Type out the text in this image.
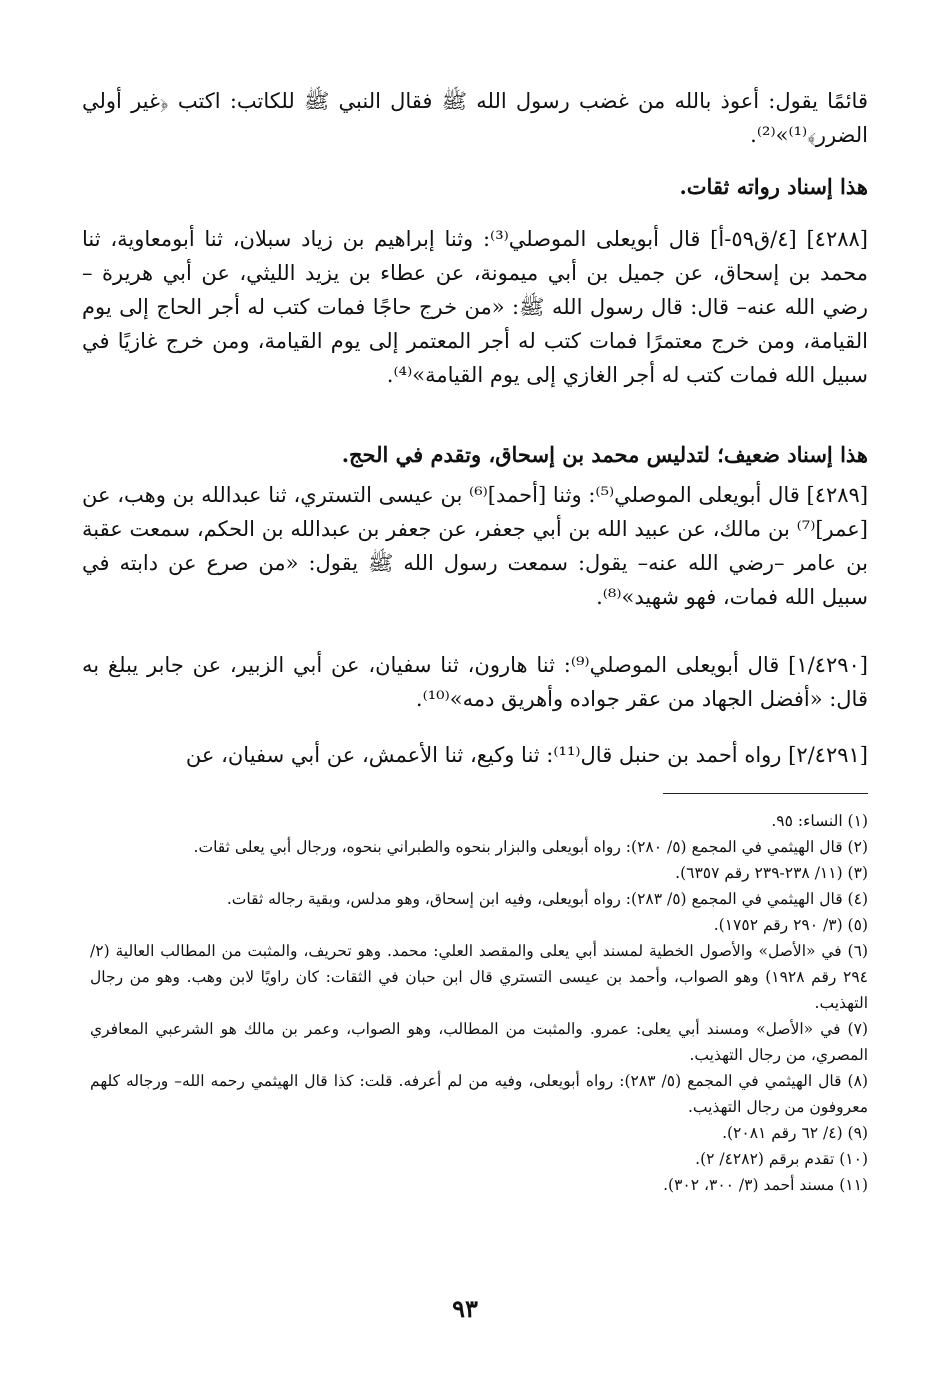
قائمًا يقول: أعوذ بالله من غضب رسول الله ﷺ فقال النبي ﷺ للكاتب: اكتب ﴿غير أولي الضرر﴾⁽¹⁾»⁽²⁾.
هذا إسناد رواته ثقات.
[٤٢٨٨] [٤/ق٥٩-أ] قال أبويعلى الموصلي⁽³⁾: وثنا إبراهيم بن زياد سبلان، ثنا أبومعاوية، ثنا محمد بن إسحاق، عن جميل بن أبي ميمونة، عن عطاء بن يزيد الليثي، عن أبي هريرة – رضي الله عنه– قال: قال رسول الله ﷺ: «من خرج حاجًا فمات كتب له أجر الحاج إلى يوم القيامة، ومن خرج معتمرًا فمات كتب له أجر المعتمر إلى يوم القيامة، ومن خرج غازيًا في سبيل الله فمات كتب له أجر الغازي إلى يوم القيامة»⁽⁴⁾.
هذا إسناد ضعيف؛ لتدليس محمد بن إسحاق، وتقدم في الحج.
[٤٢٨٩] قال أبويعلى الموصلي⁽⁵⁾: وثنا [أحمد]⁽⁶⁾ بن عيسى التستري، ثنا عبدالله بن وهب، عن [عمر]⁽⁷⁾ بن مالك، عن عبيد الله بن أبي جعفر، عن جعفر بن عبدالله بن الحكم، سمعت عقبة بن عامر –رضي الله عنه– يقول: سمعت رسول الله ﷺ يقول: «من صرع عن دابته في سبيل الله فمات، فهو شهيد»⁽⁸⁾.
[١/٤٢٩٠] قال أبويعلى الموصلي⁽⁹⁾: ثنا هارون، ثنا سفيان، عن أبي الزبير، عن جابر يبلغ به قال: «أفضل الجهاد من عقر جواده وأهريق دمه»⁽¹⁰⁾.
[٢/٤٢٩١] رواه أحمد بن حنبل قال⁽¹¹⁾: ثنا وكيع، ثنا الأعمش، عن أبي سفيان، عن
(١) النساء: ٩٥.
(٢) قال الهيثمي في المجمع (٥/ ٢٨٠): رواه أبويعلى والبزار بنحوه والطبراني بنحوه، ورجال أبي يعلى ثقات.
(٣) (١١/ ٢٣٨-٢٣٩ رقم ٦٣٥٧).
(٤) قال الهيثمي في المجمع (٥/ ٢٨٣): رواه أبويعلى، وفيه ابن إسحاق، وهو مدلس، وبقية رجاله ثقات.
(٥) (٣/ ٢٩٠ رقم ١٧٥٢).
(٦) في «الأصل» والأصول الخطية لمسند أبي يعلى والمقصد العلي: محمد. وهو تحريف، والمثبت من المطالب العالية (٢/ ٢٩٤ رقم ١٩٢٨) وهو الصواب، وأحمد بن عيسى التستري قال ابن حبان في الثقات: كان راويًا لابن وهب. وهو من رجال التهذيب.
(٧) في «الأصل» ومسند أبي يعلى: عمرو. والمثبت من المطالب، وهو الصواب، وعمر بن مالك هو الشرعبي المعافري المصري، من رجال التهذيب.
(٨) قال الهيثمي في المجمع (٥/ ٢٨٣): رواه أبويعلى، وفيه من لم أعرفه. قلت: كذا قال الهيثمي رحمه الله– ورجاله كلهم معروفون من رجال التهذيب.
(٩) (٤/ ٦٢ رقم ٢٠٨١).
(١٠) تقدم برقم (٤٢٨٢/ ٢).
(١١) مسند أحمد (٣/ ٣٠٠، ٣٠٢).
٩٣
